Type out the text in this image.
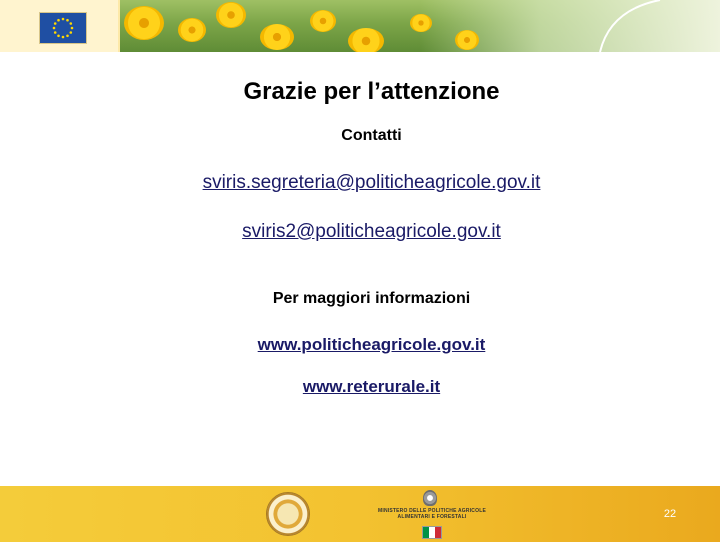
Grazie per l’attenzione
Contatti
sviris.segreteria@politicheagricole.gov.it
sviris2@politicheagricole.gov.it
Per maggiori informazioni
www.politicheagricole.gov.it
www.reterurale.it
MINISTERO DELLE POLITICHE AGRICOLE ALIMENTARI E FORESTALI	22
